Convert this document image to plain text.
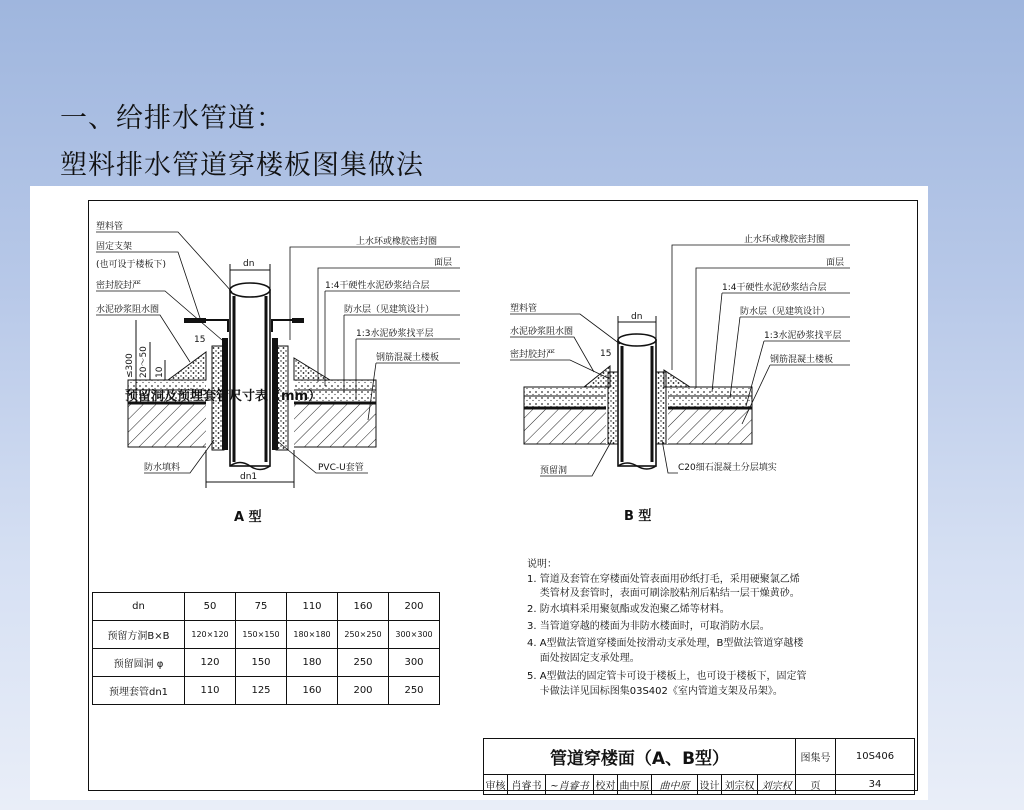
一、给排水管道：
塑料排水管道穿楼板图集做法
dn
dn1
≤300 20～50 10
15
塑料管
固定支架
(也可设于楼板下)
密封胶封严
水泥砂浆阻水圈
上水环或橡胶密封圈
面层
1:4干硬性水泥砂浆结合层
防水层（见建筑设计）
1:3水泥砂浆找平层
钢筋混凝土楼板
防水填料	PVC-U套管
A 型
dn
15
塑料管
水泥砂浆阻水圈
密封胶封严
止水环或橡胶密封圈
面层
1:4干硬性水泥砂浆结合层
防水层（见建筑设计）
1:3水泥砂浆找平层
钢筋混凝土楼板
预留洞	C20细石混凝土分层填实
B 型
预留洞及预埋套管尺寸表（mm）
dn	50	75	110	160	200
预留方洞B×B	120×120	150×150	180×180	250×250	300×300
预留圆洞 φ	120	150	180	250	300
预埋套管dn1	110	125	160	200	250
说明：
1. 管道及套管在穿楼面处管表面用砂纸打毛，采用硬聚氯乙烯
类管材及套管时，表面可刷涂胶粘剂后粘结一层干燥黄砂。
2. 防水填料采用聚氨酯或发泡聚乙烯等材料。
3. 当管道穿越的楼面为非防水楼面时，可取消防水层。
4. A型做法管道穿楼面处按滑动支承处理，B型做法管道穿越楼
面处按固定支承处理。
5. A型做法的固定管卡可设于楼板上，也可设于楼板下，固定管
卡做法详见国标图集03S402《室内管道支架及吊架》。
管道穿楼面（A、B型）	图集号	10S406
审核 肖睿书 ~肖睿书 校对 曲中原	曲中原	设计 刘宗权 刘宗权	页	34
